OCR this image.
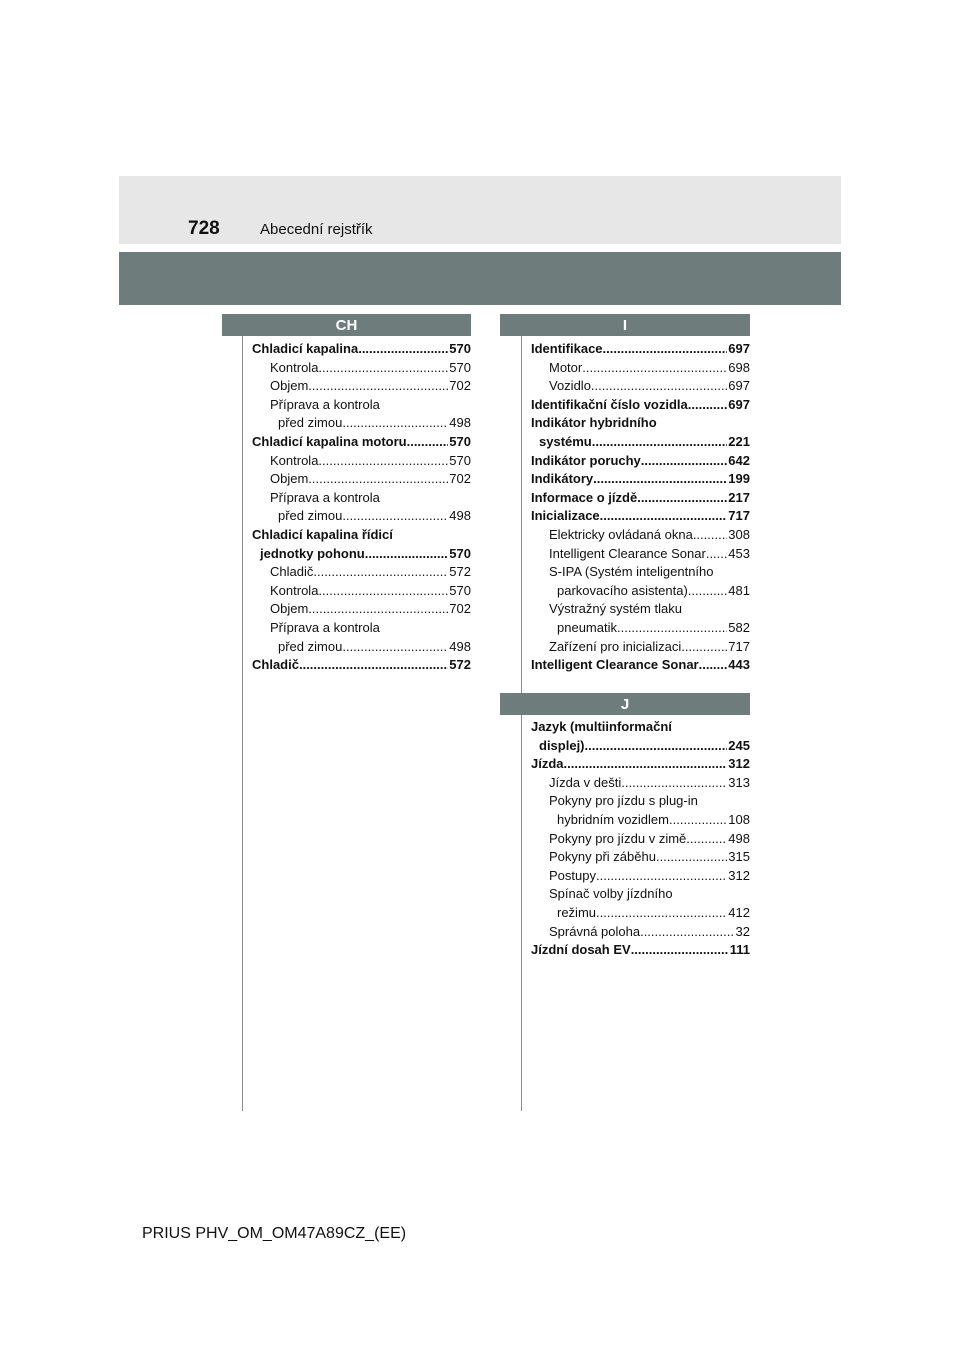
728	Abecední rejstřík
CH
Chladicí kapalina .....	570
Kontrola .....	570
Objem .....	702
Příprava a kontrola
před zimou .....	498
Chladicí kapalina motoru .....	570
Kontrola .....	570
Objem .....	702
Příprava a kontrola
před zimou .....	498
Chladicí kapalina řídicí
jednotky pohonu .....	570
Chladič .....	572
Kontrola .....	570
Objem .....	702
Příprava a kontrola
před zimou .....	498
Chladič .....	572
I
Identifikace .....	697
Motor .....	698
Vozidlo .....	697
Identifikační číslo vozidla .....	697
Indikátor hybridního
systému .....	221
Indikátor poruchy .....	642
Indikátory .....	199
Informace o jízdě .....	217
Inicializace .....	717
Elektricky ovládaná okna .....	308
Intelligent Clearance Sonar ..... 453
S-IPA (Systém inteligentního
parkovacího asistenta) .....	481
Výstražný systém tlaku
pneumatik .....	582
Zařízení pro inicializaci .....	717
Intelligent Clearance Sonar ..... 443
J
Jazyk (multiinformační
displej) .....	245
Jízda .....	312
Jízda v dešti .....	313
Pokyny pro jízdu s plug-in
hybridním vozidlem .....	108
Pokyny pro jízdu v zimě .....	498
Pokyny při záběhu .....	315
Postupy .....	312
Spínač volby jízdního
režimu .....	412
Správná poloha .....	32
Jízdní dosah EV .....	111
PRIUS PHV_OM_OM47A89CZ_(EE)
